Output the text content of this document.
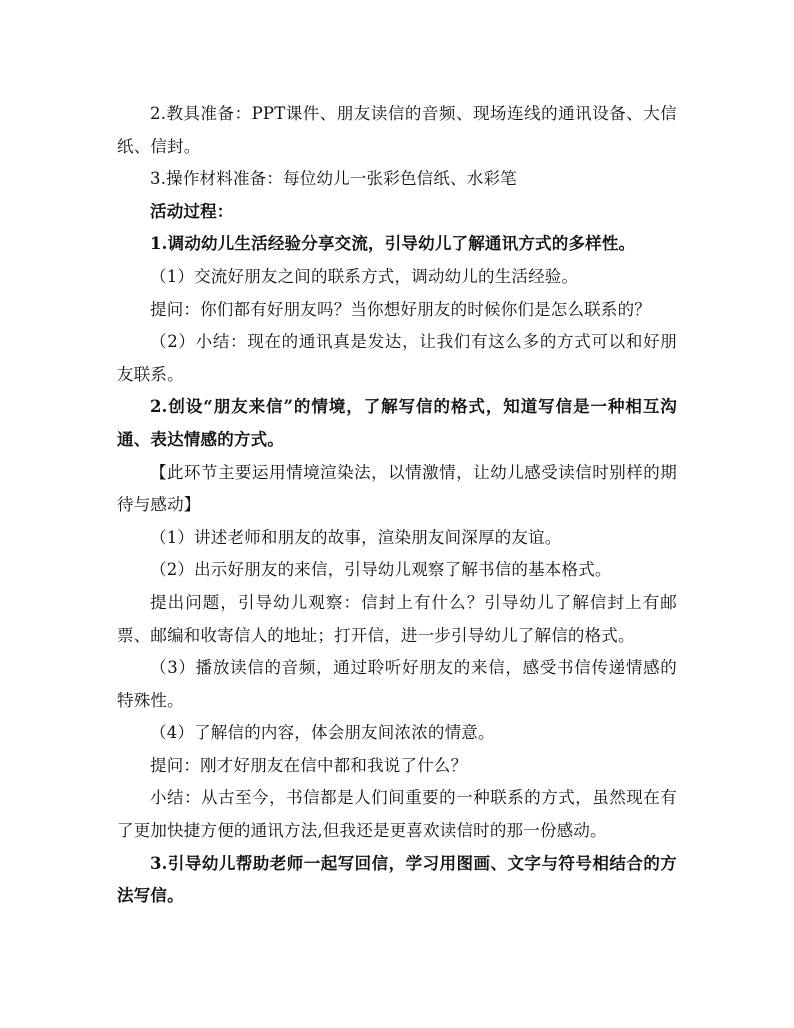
2.教具准备：PPT课件、朋友读信的音频、现场连线的通讯设备、大信纸、信封。

3.操作材料准备：每位幼儿一张彩色信纸、水彩笔

活动过程：

1.调动幼儿生活经验分享交流，引导幼儿了解通讯方式的多样性。

（1）交流好朋友之间的联系方式，调动幼儿的生活经验。

提问：你们都有好朋友吗？当你想好朋友的时候你们是怎么联系的？

（2）小结：现在的通讯真是发达，让我们有这么多的方式可以和好朋友联系。

2.创设“朋友来信”的情境，了解写信的格式，知道写信是一种相互沟通、表达情感的方式。

【此环节主要运用情境渲染法，以情激情，让幼儿感受读信时别样的期待与感动】

（1）讲述老师和朋友的故事，渲染朋友间深厚的友谊。

（2）出示好朋友的来信，引导幼儿观察了解书信的基本格式。

提出问题，引导幼儿观察：信封上有什么？引导幼儿了解信封上有邮票、邮编和收寄信人的地址；打开信，进一步引导幼儿了解信的格式。

（3）播放读信的音频，通过聆听好朋友的来信，感受书信传递情感的特殊性。

（4）了解信的内容，体会朋友间浓浓的情意。

提问：刚才好朋友在信中都和我说了什么？

小结：从古至今，书信都是人们间重要的一种联系的方式，虽然现在有了更加快捷方便的通讯方法,但我还是更喜欢读信时的那一份感动。

3.引导幼儿帮助老师一起写回信，学习用图画、文字与符号相结合的方法写信。
